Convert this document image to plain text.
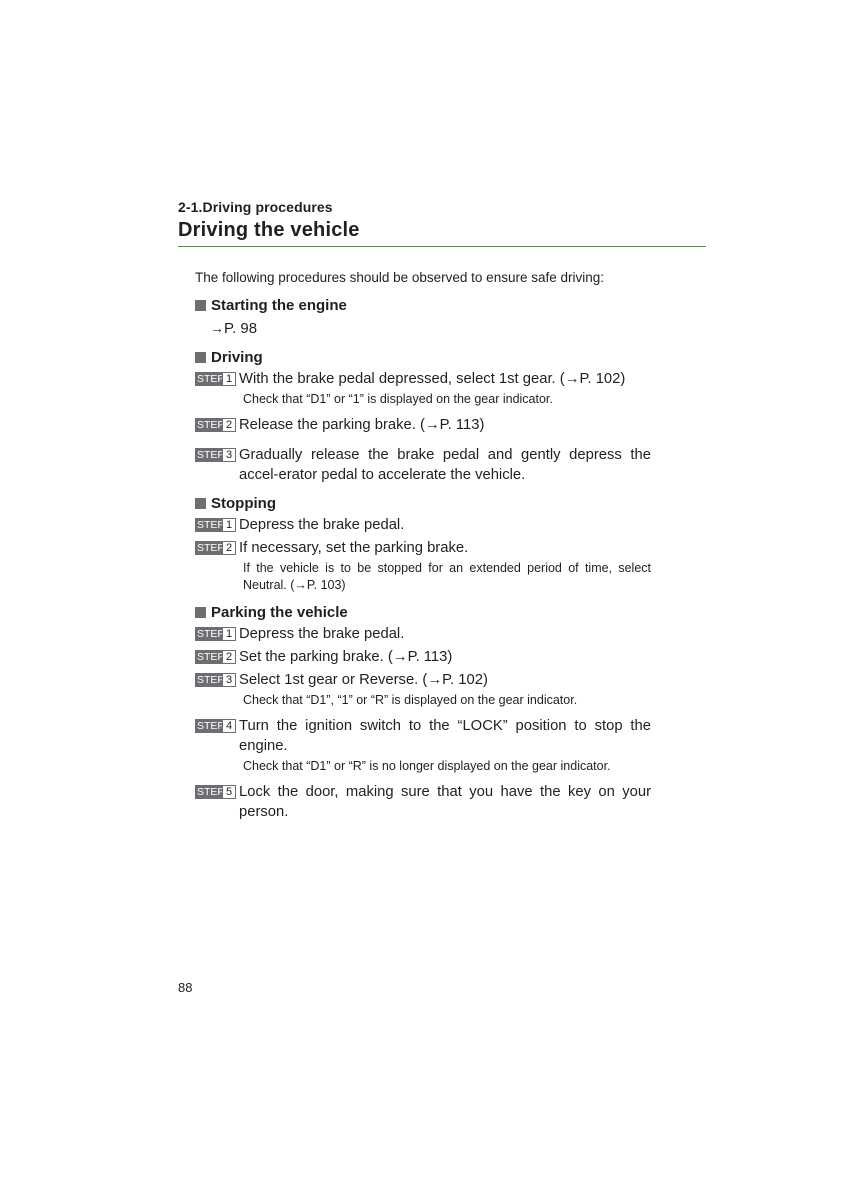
2-1.Driving procedures
Driving the vehicle
The following procedures should be observed to ensure safe driving:
Starting the engine
→P. 98
Driving
STEP 1 With the brake pedal depressed, select 1st gear. (→P. 102)
Check that “D1” or “1” is displayed on the gear indicator.
STEP 2 Release the parking brake. (→P. 113)
STEP 3 Gradually release the brake pedal and gently depress the accel-erator pedal to accelerate the vehicle.
Stopping
STEP 1 Depress the brake pedal.
STEP 2 If necessary, set the parking brake.
If the vehicle is to be stopped for an extended period of time, select Neutral. (→P. 103)
Parking the vehicle
STEP 1 Depress the brake pedal.
STEP 2 Set the parking brake. (→P. 113)
STEP 3 Select 1st gear or Reverse. (→P. 102)
Check that “D1”, “1” or “R” is displayed on the gear indicator.
STEP 4 Turn the ignition switch to the “LOCK” position to stop the engine.
Check that “D1” or “R” is no longer displayed on the gear indicator.
STEP 5 Lock the door, making sure that you have the key on your person.
88
